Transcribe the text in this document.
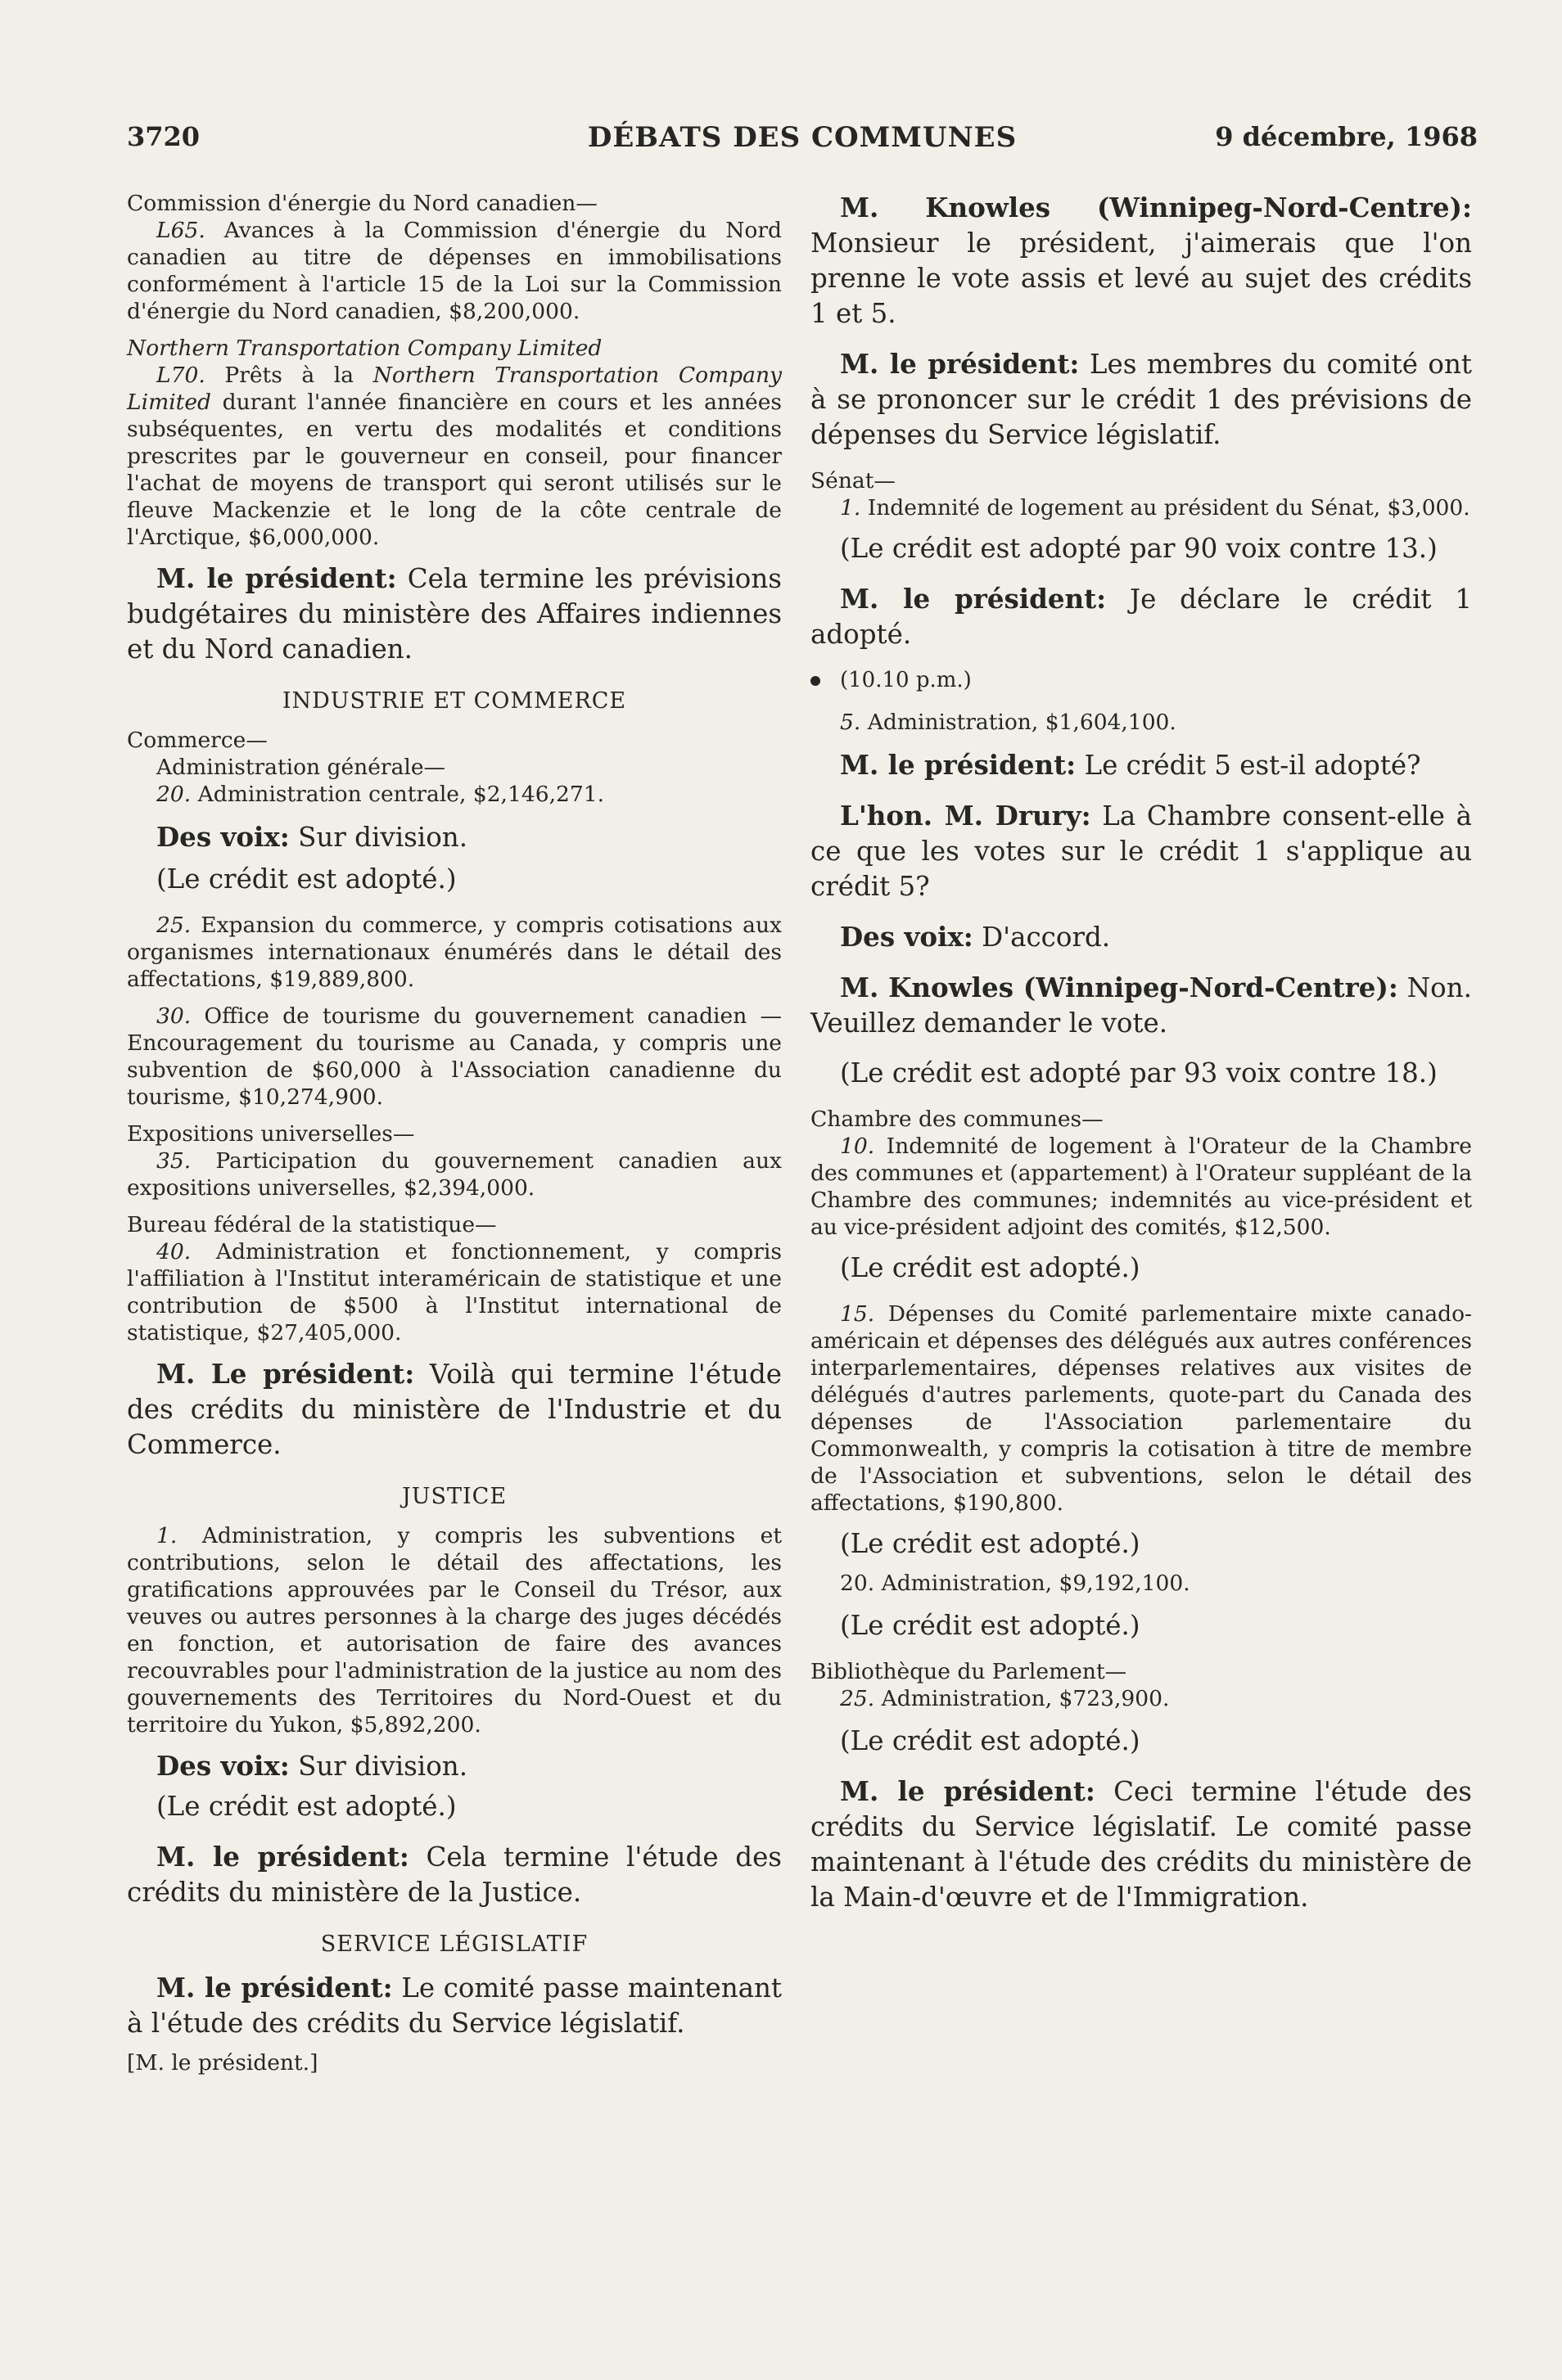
3720	DÉBATS DES COMMUNES	9 décembre, 1968
Commission d'énergie du Nord canadien—
L65. Avances à la Commission d'énergie du Nord canadien au titre de dépenses en immobilisations conformément à l'article 15 de la Loi sur la Commission d'énergie du Nord canadien, $8,200,000.
Northern Transportation Company Limited
L70. Prêts à la Northern Transportation Company Limited durant l'année financière en cours et les années subséquentes, en vertu des modalités et conditions prescrites par le gouverneur en conseil, pour financer l'achat de moyens de transport qui seront utilisés sur le fleuve Mackenzie et le long de la côte centrale de l'Arctique, $6,000,000.

M. le président: Cela termine les prévisions budgétaires du ministère des Affaires indiennes et du Nord canadien.

INDUSTRIE ET COMMERCE

Commerce—

Administration générale—

20. Administration centrale, $2,146,271.

Des voix: Sur division.

(Le crédit est adopté.)

25. Expansion du commerce, y compris cotisations aux organismes internationaux énumérés dans le détail des affectations, $19,889,800.
30. Office de tourisme du gouvernement canadien —Encouragement du tourisme au Canada, y compris une subvention de $60,000 à l'Association canadienne du tourisme, $10,274,900.

Expositions universelles—

35. Participation du gouvernement canadien aux expositions universelles, $2,394,000.

Bureau fédéral de la statistique—

40. Administration et fonctionnement, y compris l'affiliation à l'Institut interaméricain de statistique et une contribution de $500 à l'Institut international de statistique, $27,405,000.

M. Le président: Voilà qui termine l'étude des crédits du ministère de l'Industrie et du Commerce.

JUSTICE
1. Administration, y compris les subventions et contributions, selon le détail des affectations, les gratifications approuvées par le Conseil du Trésor, aux veuves ou autres personnes à la charge des juges décédés en fonction, et autorisation de faire des avances recouvrables pour l'administration de la justice au nom des gouvernements des Territoires du Nord-Ouest et du territoire du Yukon, $5,892,200.

Des voix: Sur division.

(Le crédit est adopté.)

M. le président: Cela termine l'étude des crédits du ministère de la Justice.

SERVICE LÉGISLATIF

M. le président: Le comité passe maintenant à l'étude des crédits du Service législatif.

[M. le président.]

M. Knowles (Winnipeg-Nord-Centre): Monsieur le président, j'aimerais que l'on prenne le vote assis et levé au sujet des crédits 1 et 5.

M. le président: Les membres du comité ont à se prononcer sur le crédit 1 des prévisions de dépenses du Service législatif.

Sénat—

1. Indemnité de logement au président du Sénat, $3,000.

(Le crédit est adopté par 90 voix contre 13.)

M. le président: Je déclare le crédit 1 adopté.

(10.10 p.m.)

5. Administration, $1,604,100.

M. le président: Le crédit 5 est-il adopté?

L'hon. M. Drury: La Chambre consent-elle à ce que les votes sur le crédit 1 s'applique au crédit 5?

Des voix: D'accord.

M. Knowles (Winnipeg-Nord-Centre): Non. Veuillez demander le vote.

(Le crédit est adopté par 93 voix contre 18.)

Chambre des communes—

10. Indemnité de logement à l'Orateur de la Chambre des communes et (appartement) à l'Orateur suppléant de la Chambre des communes; indemnités au vice-président et au vice-président adjoint des comités, $12,500.

(Le crédit est adopté.)

15. Dépenses du Comité parlementaire mixte canado-américain et dépenses des délégués aux autres conférences interparlementaires, dépenses relatives aux visites de délégués d'autres parlements, quote-part du Canada des dépenses de l'Association parlementaire du Commonwealth, y compris la cotisation à titre de membre de l'Association et subventions, selon le détail des affectations, $190,800.

(Le crédit est adopté.)

20. Administration, $9,192,100.

(Le crédit est adopté.)

Bibliothèque du Parlement—

25. Administration, $723,900.

(Le crédit est adopté.)

M. le président: Ceci termine l'étude des crédits du Service législatif. Le comité passe maintenant à l'étude des crédits du ministère de la Main-d'œuvre et de l'Immigration.
